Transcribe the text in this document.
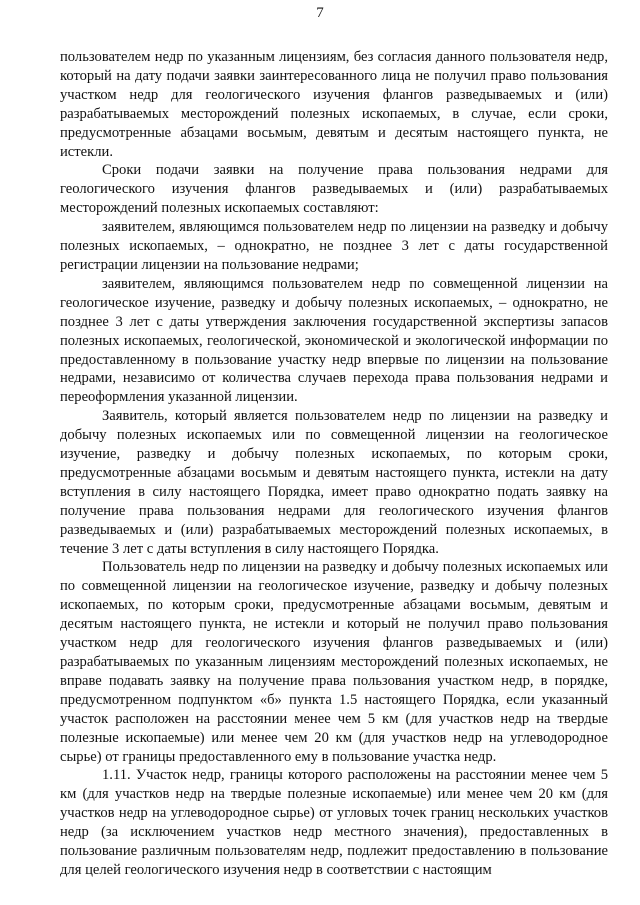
7

пользователем недр по указанным лицензиям, без согласия данного пользователя недр, который на дату подачи заявки заинтересованного лица не получил право пользования участком недр для геологического изучения флангов разведываемых и (или) разрабатываемых месторождений полезных ископаемых, в случае, если сроки, предусмотренные абзацами восьмым, девятым и десятым настоящего пункта, не истекли.

Сроки подачи заявки на получение права пользования недрами для геологического изучения флангов разведываемых и (или) разрабатываемых месторождений полезных ископаемых составляют:

заявителем, являющимся пользователем недр по лицензии на разведку и добычу полезных ископаемых, – однократно, не позднее 3 лет с даты государственной регистрации лицензии на пользование недрами;

заявителем, являющимся пользователем недр по совмещенной лицензии на геологическое изучение, разведку и добычу полезных ископаемых, – однократно, не позднее 3 лет с даты утверждения заключения государственной экспертизы запасов полезных ископаемых, геологической, экономической и экологической информации по предоставленному в пользование участку недр впервые по лицензии на пользование недрами, независимо от количества случаев перехода права пользования недрами и переоформления указанной лицензии.

Заявитель, который является пользователем недр по лицензии на разведку и добычу полезных ископаемых или по совмещенной лицензии на геологическое изучение, разведку и добычу полезных ископаемых, по которым сроки, предусмотренные абзацами восьмым и девятым настоящего пункта, истекли на дату вступления в силу настоящего Порядка, имеет право однократно подать заявку на получение права пользования недрами для геологического изучения флангов разведываемых и (или) разрабатываемых месторождений полезных ископаемых, в течение 3 лет с даты вступления в силу настоящего Порядка.

Пользователь недр по лицензии на разведку и добычу полезных ископаемых или по совмещенной лицензии на геологическое изучение, разведку и добычу полезных ископаемых, по которым сроки, предусмотренные абзацами восьмым, девятым и десятым настоящего пункта, не истекли и который не получил право пользования участком недр для геологического изучения флангов разведываемых и (или) разрабатываемых по указанным лицензиям месторождений полезных ископаемых, не вправе подавать заявку на получение права пользования участком недр, в порядке, предусмотренном подпунктом «б» пункта 1.5 настоящего Порядка, если указанный участок расположен на расстоянии менее чем 5 км (для участков недр на твердые полезные ископаемые) или менее чем 20 км (для участков недр на углеводородное сырье) от границы предоставленного ему в пользование участка недр.

1.11. Участок недр, границы которого расположены на расстоянии менее чем 5 км (для участков недр на твердые полезные ископаемые) или менее чем 20 км (для участков недр на углеводородное сырье) от угловых точек границ нескольких участков недр (за исключением участков недр местного значения), предоставленных в пользование различным пользователям недр, подлежит предоставлению в пользование для целей геологического изучения недр в соответствии с настоящим
